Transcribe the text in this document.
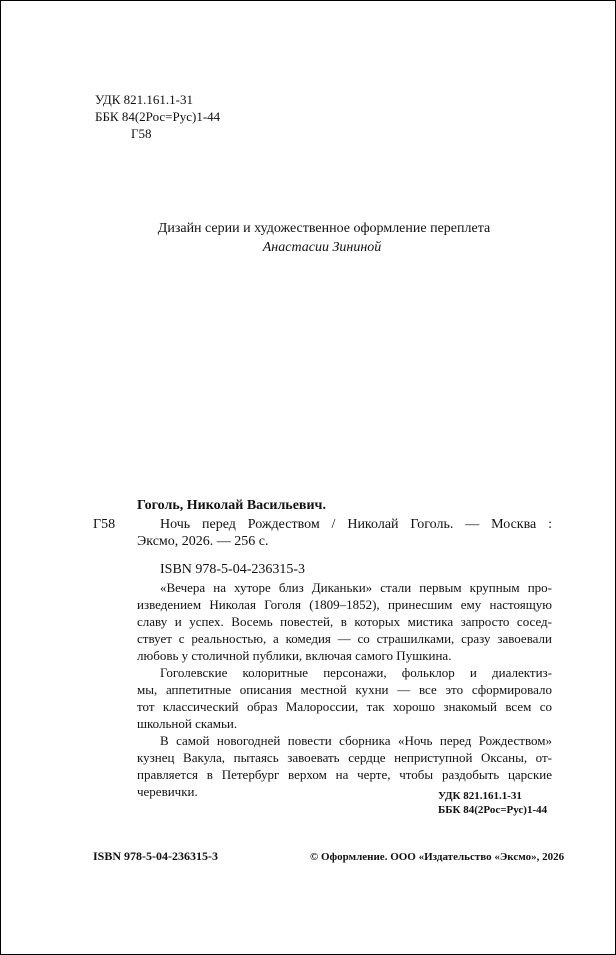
УДК 821.161.1-31
ББК 84(2Рос=Рус)1-44
Г58
Дизайн серии и художественное оформление переплета
Анастасии Зининой
Гоголь, Николай Васильевич.
Г58	Ночь перед Рождеством / Николай Гоголь. — Москва :
Эксмо, 2026. — 256 с.
ISBN 978-5-04-236315-3
«Вечера на хуторе близ Диканьки» стали первым крупным про-
изведением Николая Гоголя (1809–1852), принесшим ему настоящую
славу и успех. Восемь повестей, в которых мистика запросто сосед-
ствует с реальностью, а комедия — со страшилками, сразу завоевали
любовь у столичной публики, включая самого Пушкина.
Гоголевские колоритные персонажи, фольклор и диалектиз-
мы, аппетитные описания местной кухни — все это сформировало
тот классический образ Малороссии, так хорошо знакомый всем со
школьной скамьи.
В самой новогодней повести сборника «Ночь перед Рождеством»
кузнец Вакула, пытаясь завоевать сердце неприступной Оксаны, от-
правляется в Петербург верхом на черте, чтобы раздобыть царские
черевички.	УДК 821.161.1-31
ББК 84(2Рос=Рус)1-44
ISBN 978-5-04-236315-3	© Оформление. ООО «Издательство «Эксмо», 2026
